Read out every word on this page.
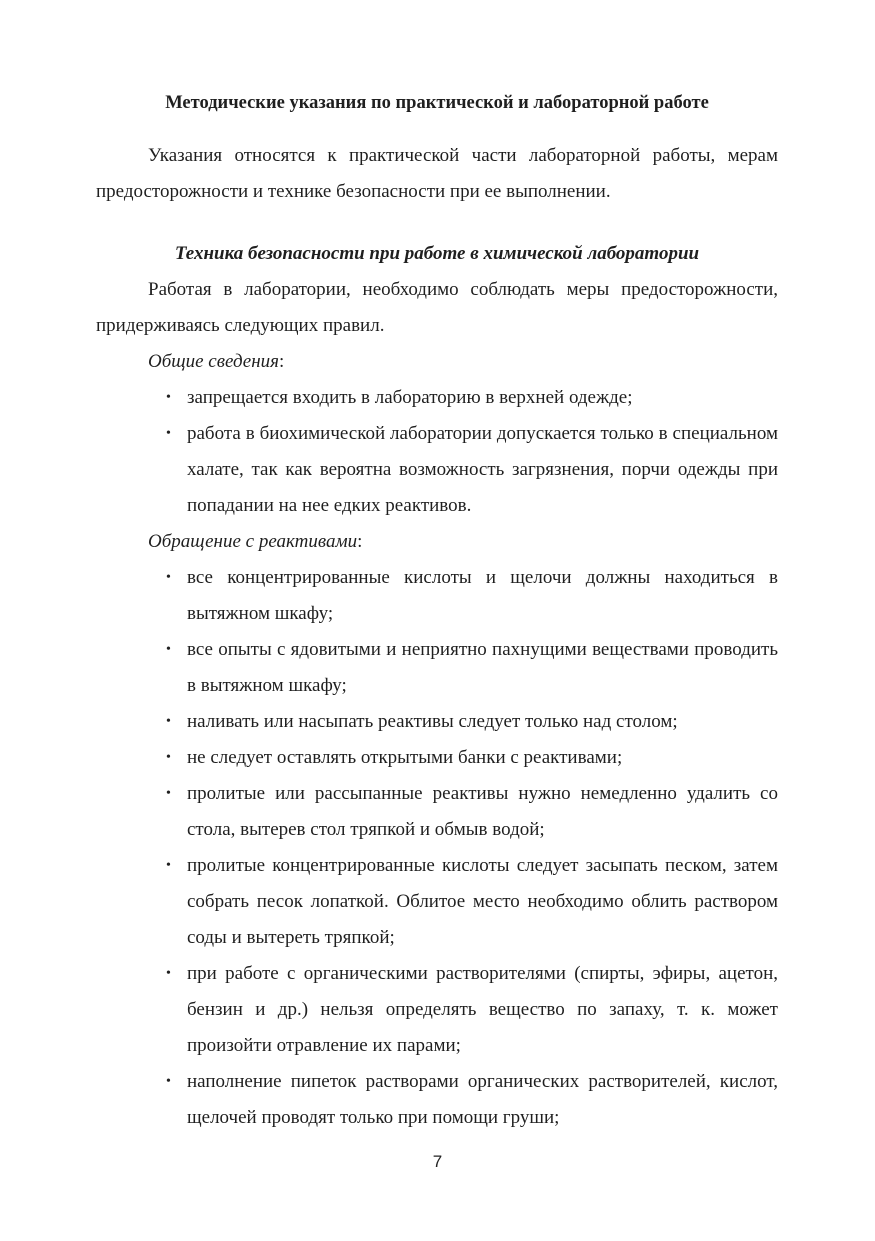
Методические указания по практической и лабораторной работе

Указания относятся к практической части лабораторной работы, мерам предосторожности и технике безопасности при ее выполнении.

Техника безопасности при работе в химической лаборатории

Работая в лаборатории, необходимо соблюдать меры предосторожности, придерживаясь следующих правил.

Общие сведения:

• запрещается входить в лабораторию в верхней одежде;
• работа в биохимической лаборатории допускается только в специальном халате, так как вероятна возможность загрязнения, порчи одежды при попадании на нее едких реактивов.

Обращение с реактивами:

• все концентрированные кислоты и щелочи должны находиться в вытяжном шкафу;
• все опыты с ядовитыми и неприятно пахнущими веществами проводить в вытяжном шкафу;
• наливать или насыпать реактивы следует только над столом;
• не следует оставлять открытыми банки с реактивами;
• пролитые или рассыпанные реактивы нужно немедленно удалить со стола, вытерев стол тряпкой и обмыв водой;
• пролитые концентрированные кислоты следует засыпать песком, затем собрать песок лопаткой. Облитое место необходимо облить раствором соды и вытереть тряпкой;
• при работе с органическими растворителями (спирты, эфиры, ацетон, бензин и др.) нельзя определять вещество по запаху, т. к. может произойти отравление их парами;
• наполнение пипеток растворами органических растворителей, кислот, щелочей проводят только при помощи груши;
7
